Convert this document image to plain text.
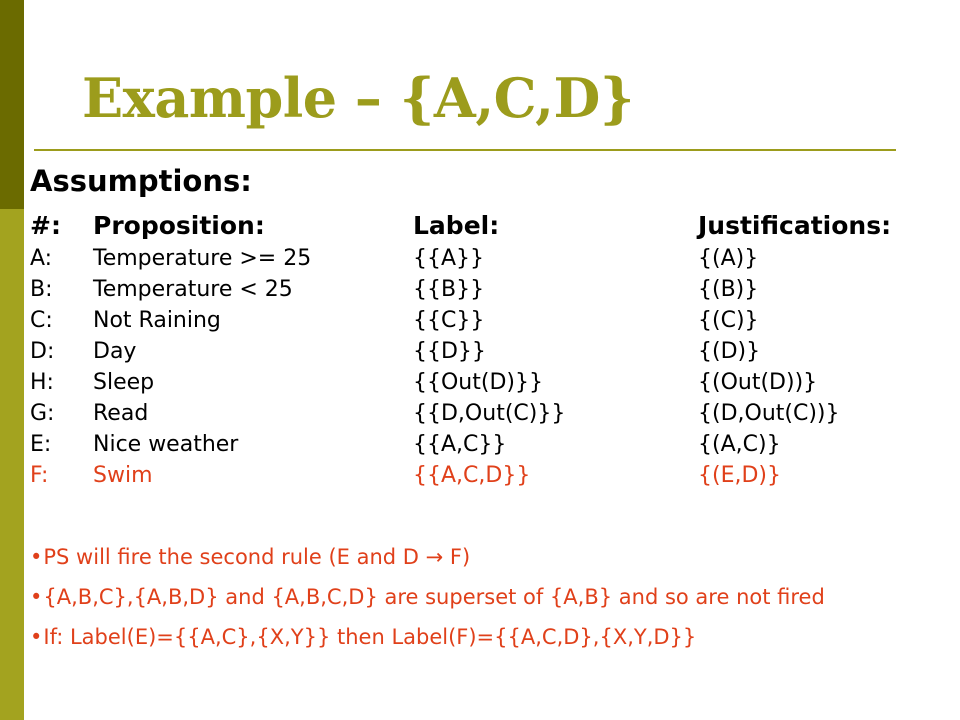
Example – {A,C,D}
Assumptions:
#: Proposition:	Label:	Justifications:
A: Temperature >= 25	{{A}}	{(A)}
B: Temperature < 25	{{B}}	{(B)}
C: Not Raining	{{C}}	{(C)}
D: Day	{{D}}	{(D)}
H: Sleep	{{Out(D)}}	{(Out(D))}
G: Read	{{D,Out(C)}}	{(D,Out(C))}
E: Nice weather	{{A,C}}	{(A,C)}
F: Swim	{{A,C,D}}	{(E,D)}

•PS will fire the second rule (E and D → F)

•{A,B,C},{A,B,D} and {A,B,C,D} are superset of {A,B} and so are not fired

•If: Label(E)={{A,C},{X,Y}} then Label(F)={{A,C,D},{X,Y,D}}
